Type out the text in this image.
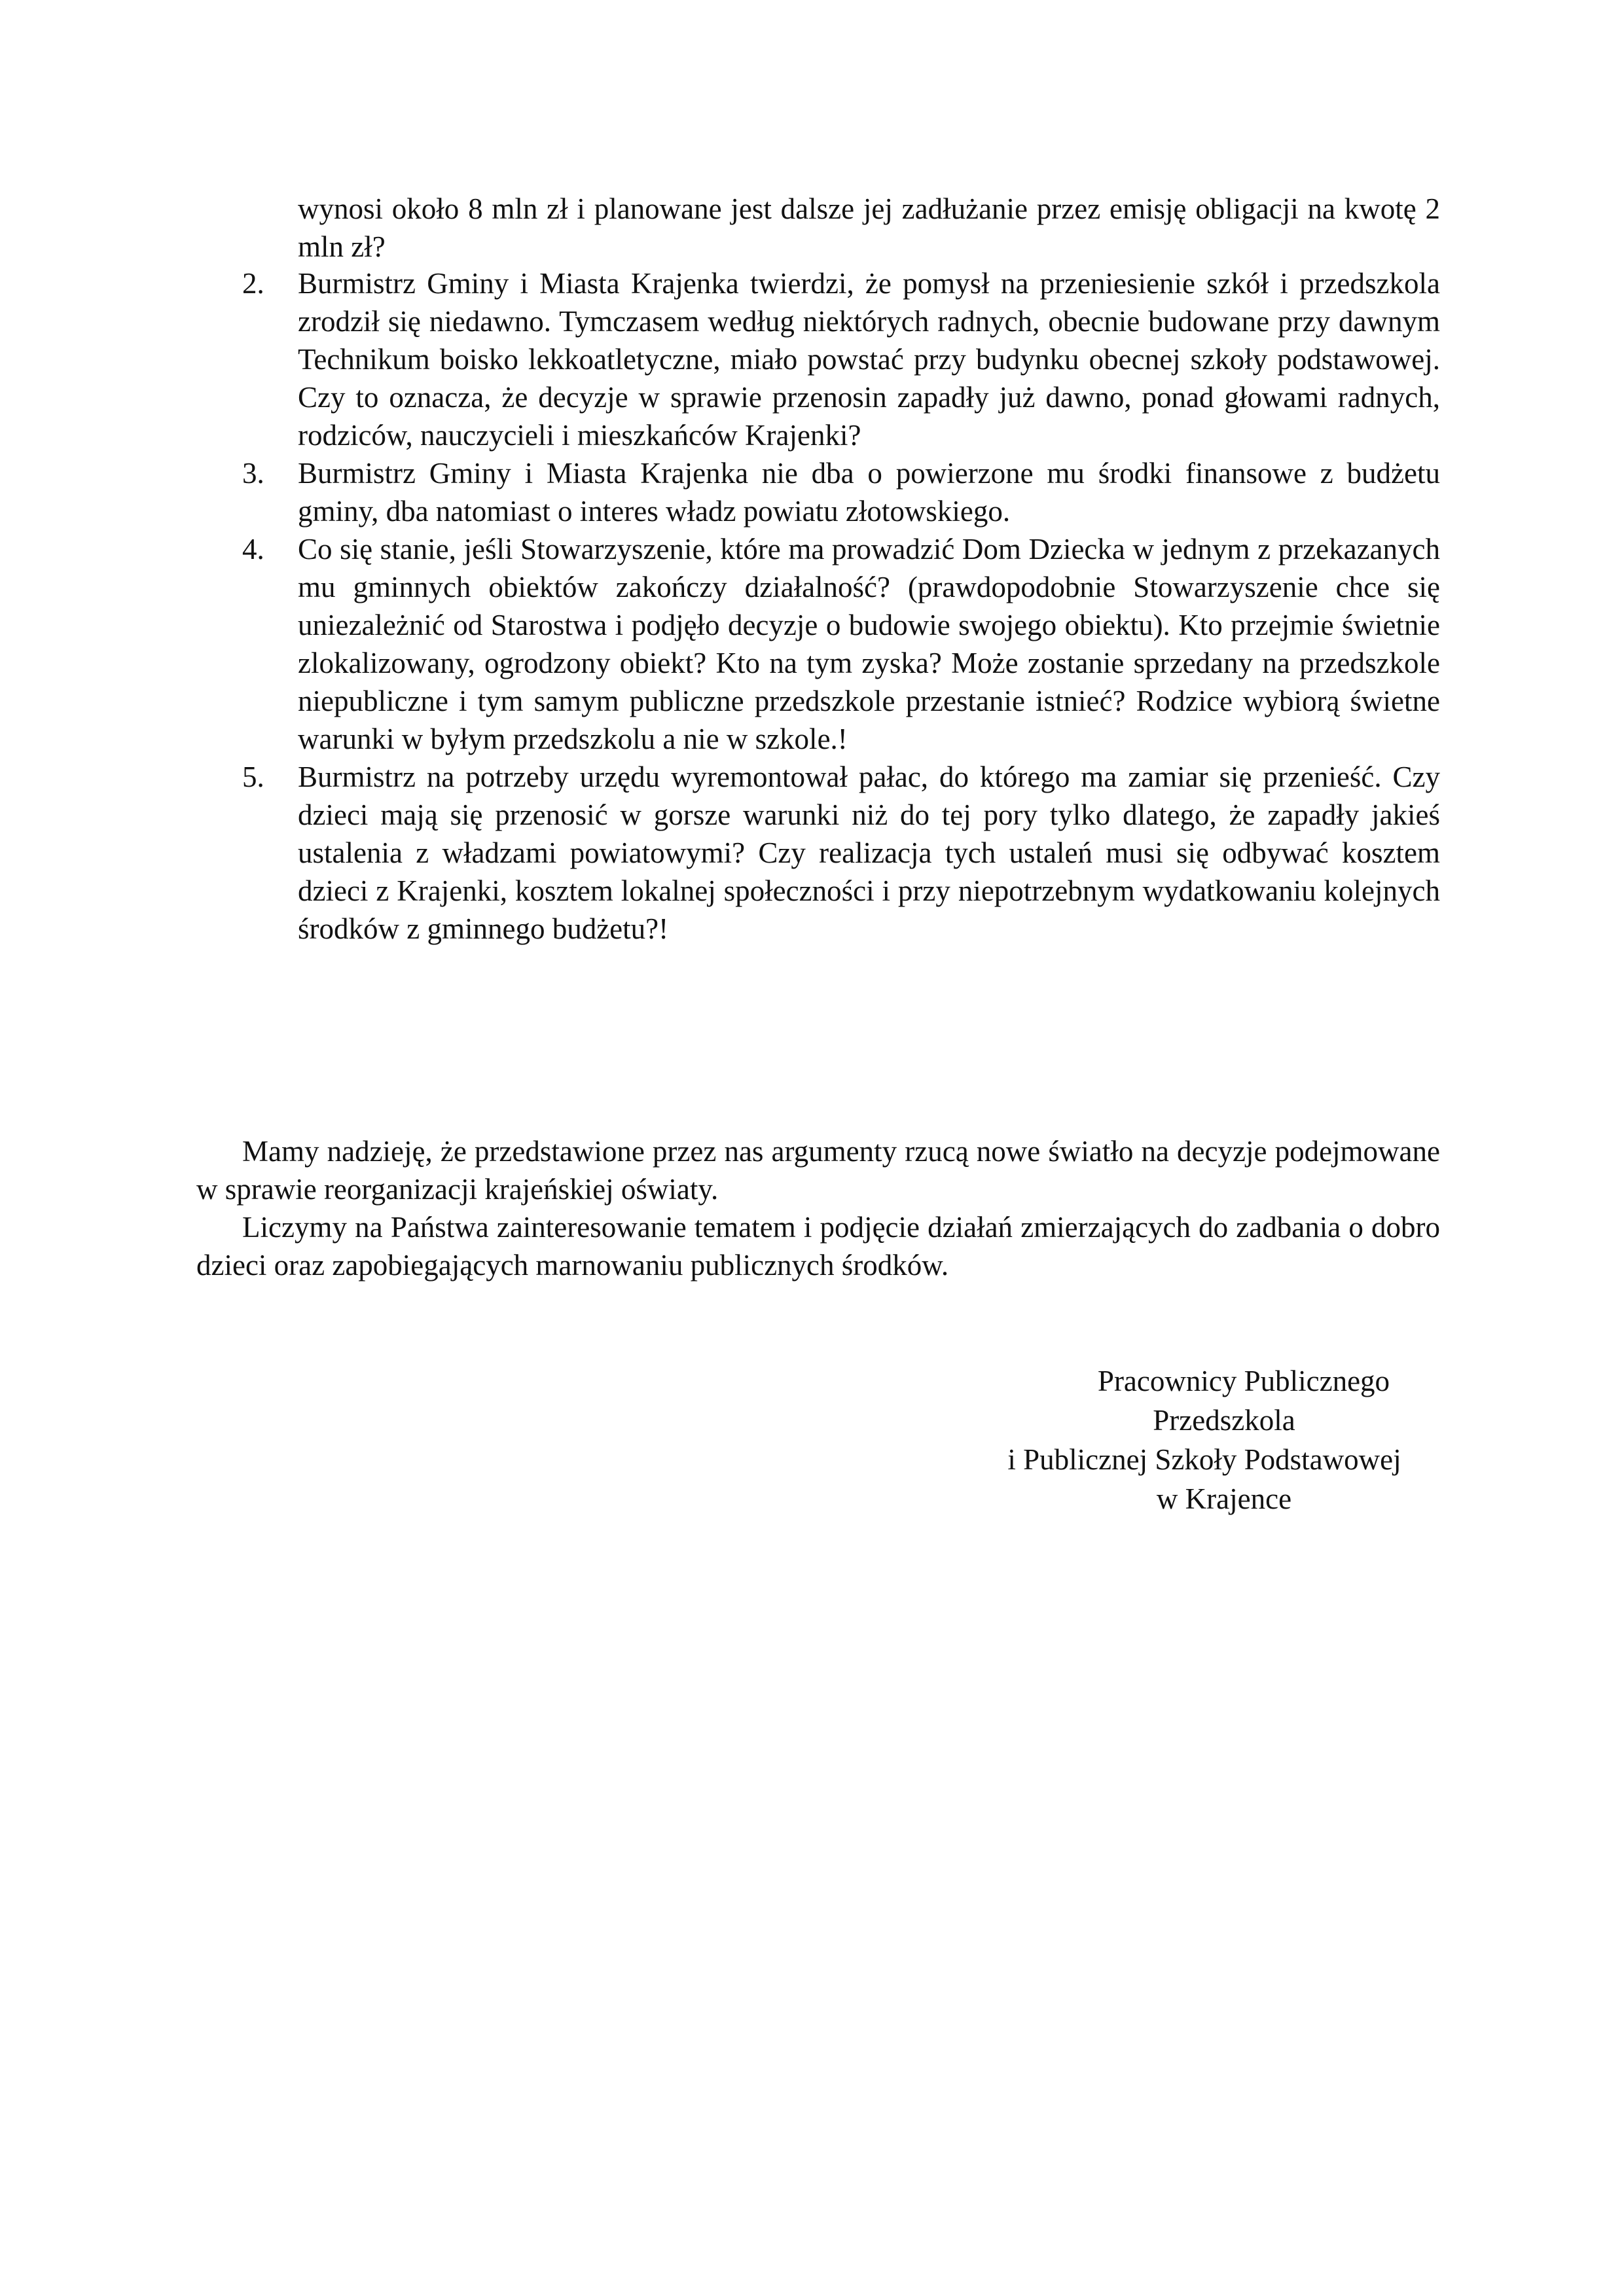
wynosi około 8 mln zł i planowane jest dalsze jej zadłużanie przez emisję obligacji na kwotę 2 mln zł?

2. Burmistrz Gminy i Miasta Krajenka twierdzi, że pomysł na przeniesienie szkół i przedszkola zrodził się niedawno. Tymczasem według niektórych radnych, obecnie budowane przy dawnym Technikum boisko lekkoatletyczne, miało powstać przy budynku obecnej szkoły podstawowej. Czy to oznacza, że decyzje w sprawie przenosin zapadły już dawno, ponad głowami radnych, rodziców, nauczycieli i mieszkańców Krajenki?
3. Burmistrz Gminy i Miasta Krajenka nie dba o powierzone mu środki finansowe z budżetu gminy, dba natomiast o interes władz powiatu złotowskiego.
4. Co się stanie, jeśli Stowarzyszenie, które ma prowadzić Dom Dziecka w jednym z przekazanych mu gminnych obiektów zakończy działalność? (prawdopodobnie Stowarzyszenie chce się uniezależnić od Starostwa i podjęło decyzje o budowie swojego obiektu). Kto przejmie świetnie zlokalizowany, ogrodzony obiekt? Kto na tym zyska? Może zostanie sprzedany na przedszkole niepubliczne i tym samym publiczne przedszkole przestanie istnieć? Rodzice wybiorą świetne warunki w byłym przedszkolu a nie w szkole.!
5. Burmistrz na potrzeby urzędu wyremontował pałac, do którego ma zamiar się przenieść. Czy dzieci mają się przenosić w gorsze warunki niż do tej pory tylko dlatego, że zapadły jakieś ustalenia z władzami powiatowymi? Czy realizacja tych ustaleń musi się odbywać kosztem dzieci z Krajenki, kosztem lokalnej społeczności i przy niepotrzebnym wydatkowaniu kolejnych środków z gminnego budżetu?!

Mamy nadzieję, że przedstawione przez nas argumenty rzucą nowe światło na decyzje podejmowane w sprawie reorganizacji krajeńskiej oświaty.

Liczymy na Państwa zainteresowanie tematem i podjęcie działań zmierzających do zadbania o dobro dzieci oraz zapobiegających marnowaniu publicznych środków.

Pracownicy Publicznego
Przedszkola
i Publicznej Szkoły Podstawowej
w Krajence
